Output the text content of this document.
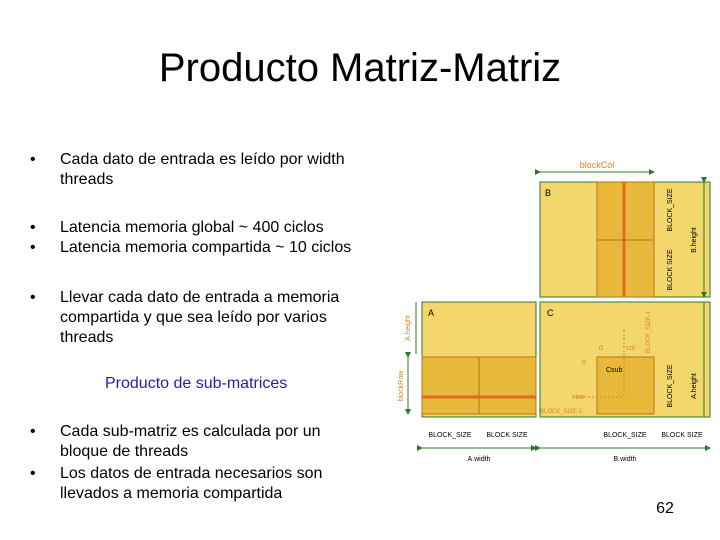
Producto Matriz-Matriz
• Cada dato de entrada es leído por width
threads
• Latencia memoria global ~ 400 ciclos
• Latencia memoria compartida ~ 10 ciclos
• Llevar cada dato de entrada a memoria
compartida y que sea leído por varios
threads
Producto de sub-matrices
• Cada sub-matriz es calculada por un
bloque de threads
• Los datos de entrada necesarios son
llevados a memoria compartida
blockCol
B	BLOCK_SIZE
BLOCK SIZE
B.height
A
blockRow
A.height
BLOCK_SIZE BLOCK SIZE
A.width
C
Csub
0	col
0
row
BLOCK_SIZE-1
BLOCK_SIZE-1
BLOCK_SIZE A.height
BLOCK_SIZE BLOCK SIZE
B.width
62
